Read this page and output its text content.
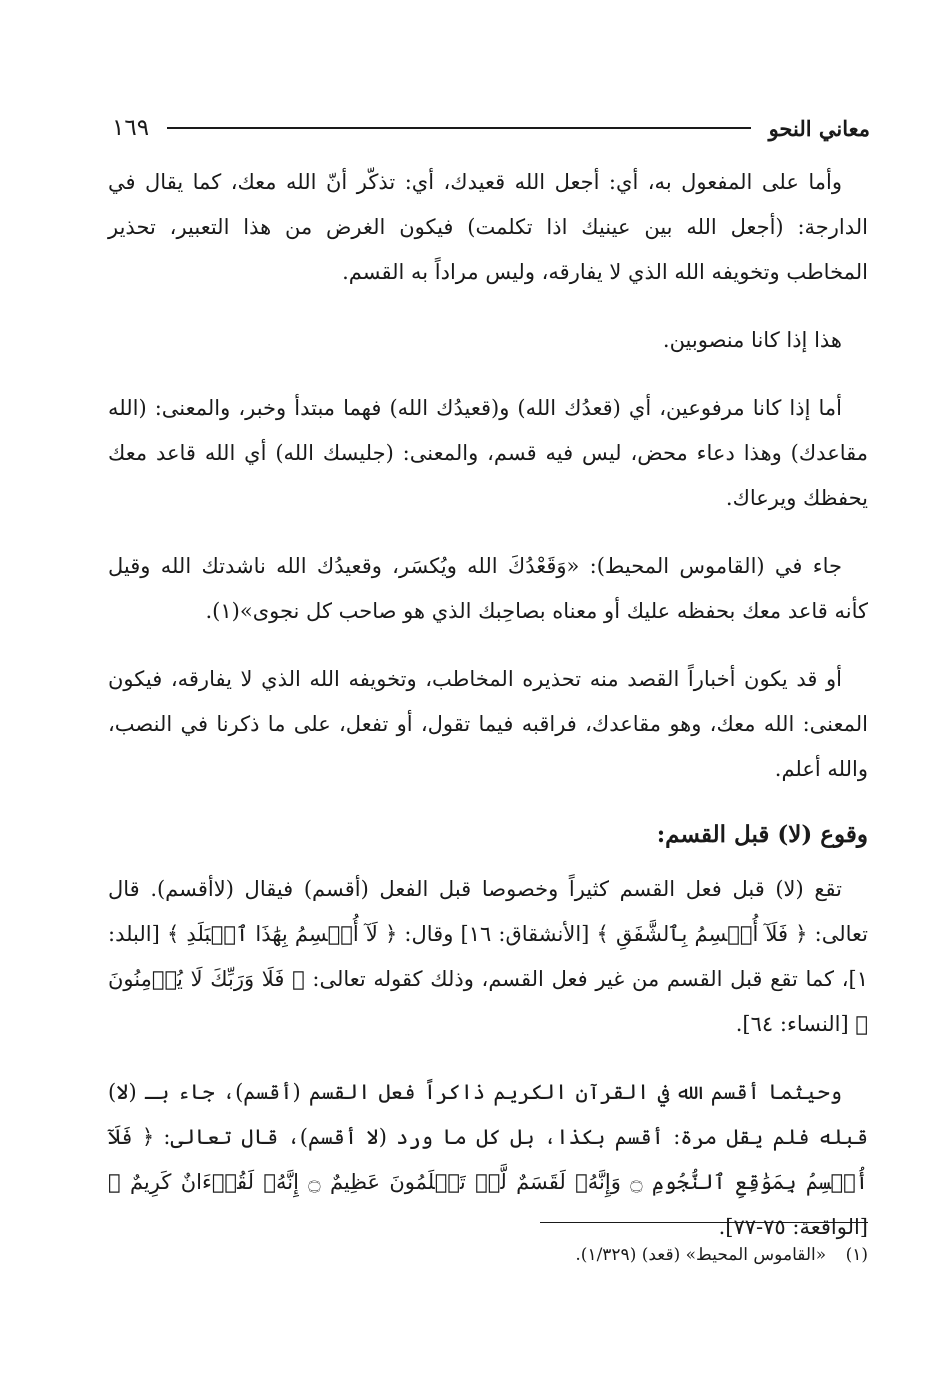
معاني النحو
١٦٩

وأما على المفعول به، أي: أجعل الله قعيدك، أي: تذكّر أنّ الله معك، كما يقال في الدارجة: (أجعل الله بين عينيك اذا تكلمت) فيكون الغرض من هذا التعبير، تحذير المخاطب وتخويفه الله الذي لا يفارقه، وليس مراداً به القسم.

هذا إذا كانا منصوبين.

أما إذا كانا مرفوعين، أي (قعدُك الله) و(قعيدُك الله) فهما مبتدأ وخبر، والمعنى: (الله مقاعدك) وهذا دعاء محض، ليس فيه قسم، والمعنى: (جليسك الله) أي الله قاعد معك يحفظك ويرعاك.

جاء في (القاموس المحيط): «وَقَعْدُكَ الله ويُكسَر، وقعيدُك الله ناشدتك الله وقيل كأنه قاعد معك بحفظه عليك أو معناه بصاحِبك الذي هو صاحب كل نجوى»(١).

أو قد يكون أخباراً القصد منه تحذيره المخاطب، وتخويفه الله الذي لا يفارقه، فيكون المعنى: الله معك، وهو مقاعدك، فراقبه فيما تقول، أو تفعل، على ما ذكرنا في النصب، والله أعلم.

وقوع (لا) قبل القسم:

تقع (لا) قبل فعل القسم كثيراً وخصوصا قبل الفعل (أقسم) فيقال (لاأقسم). قال تعالى: ﴿ فَلَآ أُقۡسِمُ بِٱلشَّفَقِ ﴾ [الأنشقاق: ١٦] وقال: ﴿ لَآ أُقۡسِمُ بِهَٰذَا ٱلۡبَلَدِ ﴾ [البلد: ١]، كما تقع قبل القسم من غير فعل القسم، وذلك كقوله تعالى: ﴿ فَلَا وَرَبِّكَ لَا يُؤۡمِنُونَ ﴾ [النساء: ٦٤].

وحيثما أقسم الله في القرآن الكريم ذاكراً فعل القسم (أقسم)، جاء بـ (لا) قبله فلم يقل مرة: أقسم بكذا، بل كل ما ورد (لا أقسم)، قال تعالى: ﴿ فَلَآ أُقۡسِمُ بِمَوَٰقِعِ ٱلنُّجُومِ ۝ وَإِنَّهُۥ لَقَسَمٌ لَّوۡ تَعۡلَمُونَ عَظِيمٌ ۝ إِنَّهُۥ لَقُرۡءَانٌ كَرِيمٌ ﴾ [الواقعة: ٧٥-٧٧].

(١) «القاموس المحيط» (قعد) (١/٣٢٩).
